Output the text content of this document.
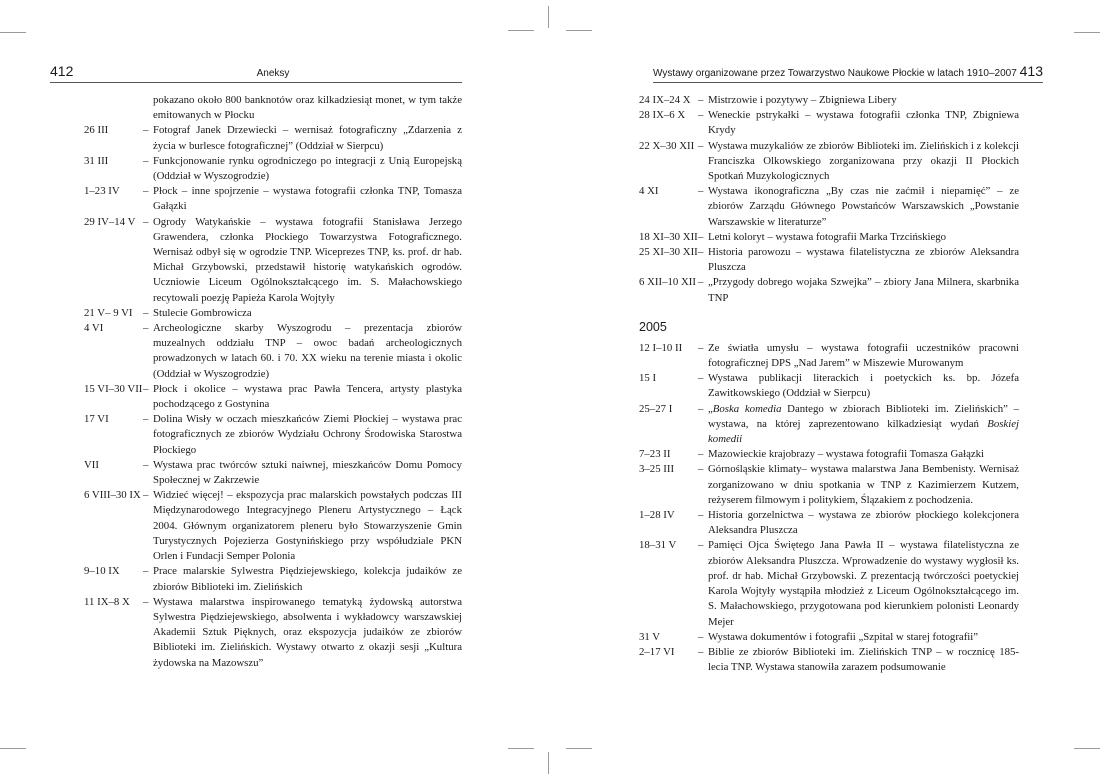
412	Aneksy
pokazano około 800 banknotów oraz kilkadziesiąt monet, w tym także emitowanych w Płocku
26 III	– Fotograf Janek Drzewiecki – wernisaż fotograficzny „Zdarzenia z życia w burlesce fotograficznej” (Oddział w Sierpcu)
31 III	– Funkcjonowanie rynku ogrodniczego po integracji z Unią Europejską (Oddział w Wyszogrodzie)
1–23 IV – Płock – inne spojrzenie – wystawa fotografii członka TNP, Tomasza Gałązki
29 IV–14 V – Ogrody Watykańskie – wystawa fotografii Stanisława Jerzego Grawendera, członka Płockiego Towarzystwa Fotograficznego. Wernisaż odbył się w ogrodzie TNP. Wiceprezes TNP, ks. prof. dr hab. Michał Grzybowski, przedstawił historię watykańskich ogrodów. Uczniowie Liceum Ogólnokształcącego im. S. Małachowskiego recytowali poezję Papieża Karola Wojtyły
21 V– 9 VI – Stulecie Gombrowicza
4 VI	– Archeologiczne skarby Wyszogrodu – prezentacja zbiorów muzealnych oddziału TNP – owoc badań archeologicznych prowadzonych w latach 60. i 70. XX wieku na terenie miasta i okolic (Oddział w Wyszogrodzie)
15 VI–30 VII – Płock i okolice – wystawa prac Pawła Tencera, artysty plastyka pochodzącego z Gostynina
17 VI	– Dolina Wisły w oczach mieszkańców Ziemi Płockiej – wystawa prac fotograficznych ze zbiorów Wydziału Ochrony Środowiska Starostwa Płockiego
VII	– Wystawa prac twórców sztuki naiwnej, mieszkańców Domu Pomocy Społecznej w Zakrzewie
6 VIII–30 IX – Widzieć więcej! – ekspozycja prac malarskich powstałych podczas III Międzynarodowego Integracyjnego Pleneru Artystycznego – Łąck 2004. Głównym organizatorem pleneru było Stowarzyszenie Gmin Turystycznych Pojezierza Gostynińskiego przy współudziale PKN Orlen i Fundacji Semper Polonia
9–10 IX – Prace malarskie Sylwestra Piędziejewskiego, kolekcja judaików ze zbiorów Biblioteki im. Zielińskich
11 IX–8 X – Wystawa malarstwa inspirowanego tematyką żydowską autorstwa Sylwestra Piędziejewskiego, absolwenta i wykładowcy warszawskiej Akademii Sztuk Pięknych, oraz ekspozycja judaików ze zbiorów Biblioteki im. Zielińskich. Wystawy otwarto z okazji sesji „Kultura żydowska na Mazowszu”
Wystawy organizowane przez Towarzystwo Naukowe Płockie w latach 1910–2007 413
24 IX–24 X – Mistrzowie i pozytywy – Zbigniewa Libery
28 IX–6 X – Weneckie pstrykałki – wystawa fotografii członka TNP, Zbigniewa Krydy
22 X–30 XII – Wystawa muzykaliów ze zbiorów Biblioteki im. Zielińskich i z kolekcji Franciszka Olkowskiego zorganizowana przy okazji II Płockich Spotkań Muzykologicznych
4 XI	– Wystawa ikonograficzna „By czas nie zaćmił i niepamięć” – ze zbiorów Zarządu Głównego Powstańców Warszawskich „Powstanie Warszawskie w literaturze”
18 XI–30 XII – Letni koloryt – wystawa fotografii Marka Trzcińskiego
25 XI–30 XII – Historia parowozu – wystawa filatelistyczna ze zbiorów Aleksandra Pluszcza
6 XII–10 XII – „Przygody dobrego wojaka Szwejka” – zbiory Jana Milnera, skarbnika TNP
2005
12 I–10 II – Ze światła umysłu – wystawa fotografii uczestników pracowni fotograficznej DPS „Nad Jarem” w Miszewie Murowanym
15 I	– Wystawa publikacji literackich i poetyckich ks. bp. Józefa Zawitkowskiego (Oddział w Sierpcu)
25–27 I – „Boska komedia Dantego w zbiorach Biblioteki im. Zielińskich” – wystawa, na której zaprezentowano kilkadziesiąt wydań Boskiej komedii
7–23 II	– Mazowieckie krajobrazy – wystawa fotografii Tomasza Gałązki
3–25 III – Górnośląskie klimaty– wystawa malarstwa Jana Bembenisty. Wernisaż zorganizowano w dniu spotkania w TNP z Kazimierzem Kutzem, reżyserem filmowym i politykiem, Ślązakiem z pochodzenia.
1–28 IV – Historia gorzelnictwa – wystawa ze zbiorów płockiego kolekcjonera Aleksandra Pluszcza
18–31 V – Pamięci Ojca Świętego Jana Pawła II – wystawa filatelistyczna ze zbiorów Aleksandra Pluszcza. Wprowadzenie do wystawy wygłosił ks. prof. dr hab. Michał Grzybowski. Z prezentacją twórczości poetyckiej Karola Wojtyły wystąpiła młodzież z Liceum Ogólnokształcącego im. S. Małachowskiego, przygotowana pod kierunkiem polonisti Leonardy Mejer
31 V	– Wystawa dokumentów i fotografii „Szpital w starej fotografii”
2–17 VI – Biblie ze zbiorów Biblioteki im. Zielińskich TNP – w rocznicę 185-lecia TNP. Wystawa stanowiła zarazem podsumowanie
